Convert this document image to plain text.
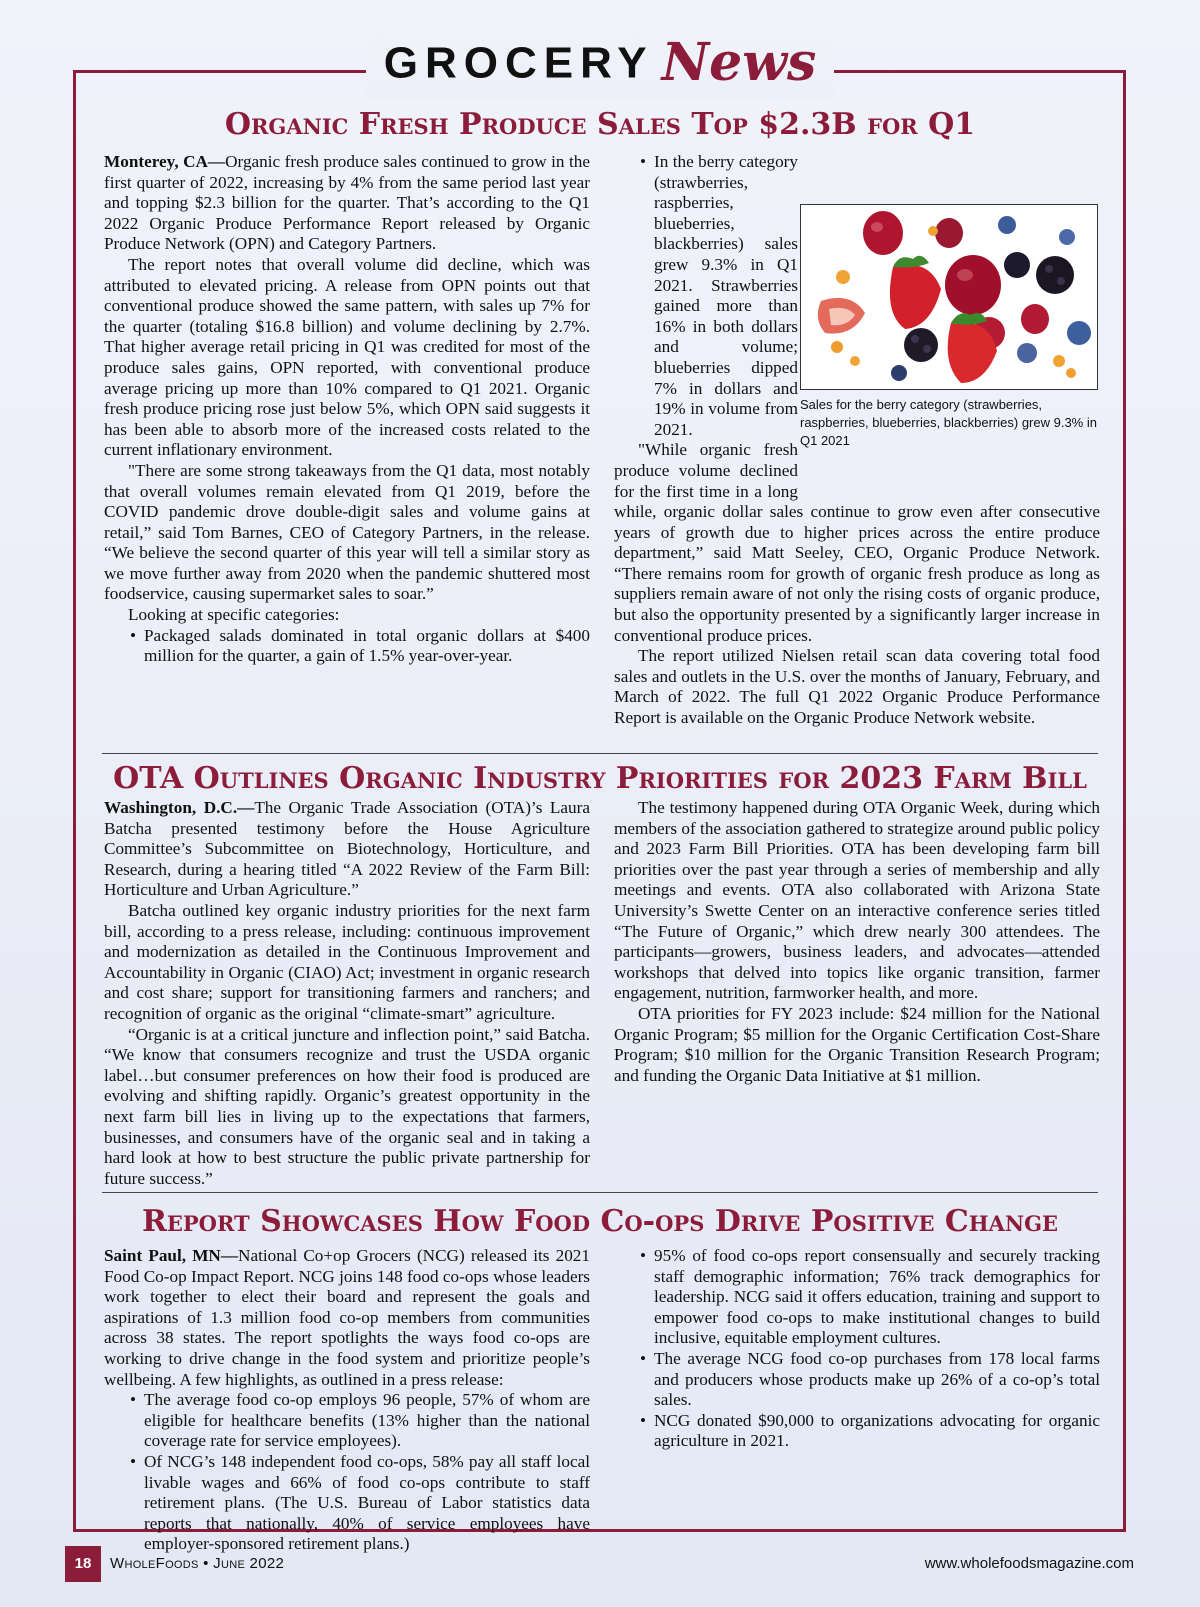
GROCERY News
Organic Fresh Produce Sales Top $2.3B for Q1

Monterey, CA—Organic fresh produce sales continued to grow in the first quarter of 2022, increasing by 4% from the same period last year and topping $2.3 billion for the quarter. That’s according to the Q1 2022 Organic Produce Performance Report released by Organic Produce Network (OPN) and Category Partners.

The report notes that overall volume did decline, which was attributed to elevated pricing. A release from OPN points out that conventional produce showed the same pattern, with sales up 7% for the quarter (totaling $16.8 billion) and volume declining by 2.7%. That higher average retail pricing in Q1 was credited for most of the produce sales gains, OPN reported, with conventional produce average pricing up more than 10% compared to Q1 2021. Organic fresh produce pricing rose just below 5%, which OPN said suggests it has been able to absorb more of the increased costs related to the current inflationary environment.

"There are some strong takeaways from the Q1 data, most notably that overall volumes remain elevated from Q1 2019, before the COVID pandemic drove double-digit sales and volume gains at retail,” said Tom Barnes, CEO of Category Partners, in the release. “We believe the second quarter of this year will tell a similar story as we move further away from 2020 when the pandemic shuttered most foodservice, causing supermarket sales to soar.”

Looking at specific categories:

• Packaged salads dominated in total organic dollars at $400 million for the quarter, a gain of 1.5% year-over-year.
• In the berry category (strawberries, raspberries, blueberries, blackberries) sales grew 9.3% in Q1 2021. Strawberries gained more than 16% in both dollars and volume; blueberries dipped 7% in dollars and 19% in volume from 2021.

"While organic fresh produce volume declined for the first time in a long while, organic dollar sales continue to grow even after consecutive years of growth due to higher prices across the entire produce department,” said Matt Seeley, CEO, Organic Produce Network. “There remains room for growth of organic fresh produce as long as suppliers remain aware of not only the rising costs of organic produce, but also the opportunity presented by a significantly larger increase in conventional produce prices.

The report utilized Nielsen retail scan data covering total food sales and outlets in the U.S. over the months of January, February, and March of 2022. The full Q1 2022 Organic Produce Performance Report is available on the Organic Produce Network website.

Sales for the berry category (strawberries, raspberries, blueberries, blackberries) grew 9.3% in Q1 2021
OTA Outlines Organic Industry Priorities for 2023 Farm Bill

Washington, D.C.—The Organic Trade Association (OTA)’s Laura Batcha presented testimony before the House Agriculture Committee’s Subcommittee on Biotechnology, Horticulture, and Research, during a hearing titled “A 2022 Review of the Farm Bill: Horticulture and Urban Agriculture.”

Batcha outlined key organic industry priorities for the next farm bill, according to a press release, including: continuous improvement and modernization as detailed in the Continuous Improvement and Accountability in Organic (CIAO) Act; investment in organic research and cost share; support for transitioning farmers and ranchers; and recognition of organic as the original “climate-smart” agriculture.

“Organic is at a critical juncture and inflection point,” said Batcha. “We know that consumers recognize and trust the USDA organic label…but consumer preferences on how their food is produced are evolving and shifting rapidly. Organic’s greatest opportunity in the next farm bill lies in living up to the expectations that farmers, businesses, and consumers have of the organic seal and in taking a hard look at how to best structure the public private partnership for future success.”

The testimony happened during OTA Organic Week, during which members of the association gathered to strategize around public policy and 2023 Farm Bill Priorities. OTA has been developing farm bill priorities over the past year through a series of membership and ally meetings and events. OTA also collaborated with Arizona State University’s Swette Center on an interactive conference series titled “The Future of Organic,” which drew nearly 300 attendees. The participants—growers, business leaders, and advocates—attended workshops that delved into topics like organic transition, farmer engagement, nutrition, farmworker health, and more.

OTA priorities for FY 2023 include: $24 million for the National Organic Program; $5 million for the Organic Certification Cost-Share Program; $10 million for the Organic Transition Research Program; and funding the Organic Data Initiative at $1 million.

Report Showcases How Food Co-ops Drive Positive Change

Saint Paul, MN—National Co+op Grocers (NCG) released its 2021 Food Co-op Impact Report. NCG joins 148 food co-ops whose leaders work together to elect their board and represent the goals and aspirations of 1.3 million food co-op members from communities across 38 states. The report spotlights the ways food co-ops are working to drive change in the food system and prioritize people’s wellbeing. A few highlights, as outlined in a press release:

• The average food co-op employs 96 people, 57% of whom are eligible for healthcare benefits (13% higher than the national coverage rate for service employees).
• Of NCG’s 148 independent food co-ops, 58% pay all staff local livable wages and 66% of food co-ops contribute to staff retirement plans. (The U.S. Bureau of Labor statistics data reports that nationally, 40% of service employees have employer-sponsored retirement plans.)
• 95% of food co-ops report consensually and securely tracking staff demographic information; 76% track demographics for leadership. NCG said it offers education, training and support to empower food co-ops to make institutional changes to build inclusive, equitable employment cultures.
• The average NCG food co-op purchases from 178 local farms and producers whose products make up 26% of a co-op’s total sales.
• NCG donated $90,000 to organizations advocating for organic agriculture in 2021.
18	WholeFoods • June 2022	www.wholefoodsmagazine.com
